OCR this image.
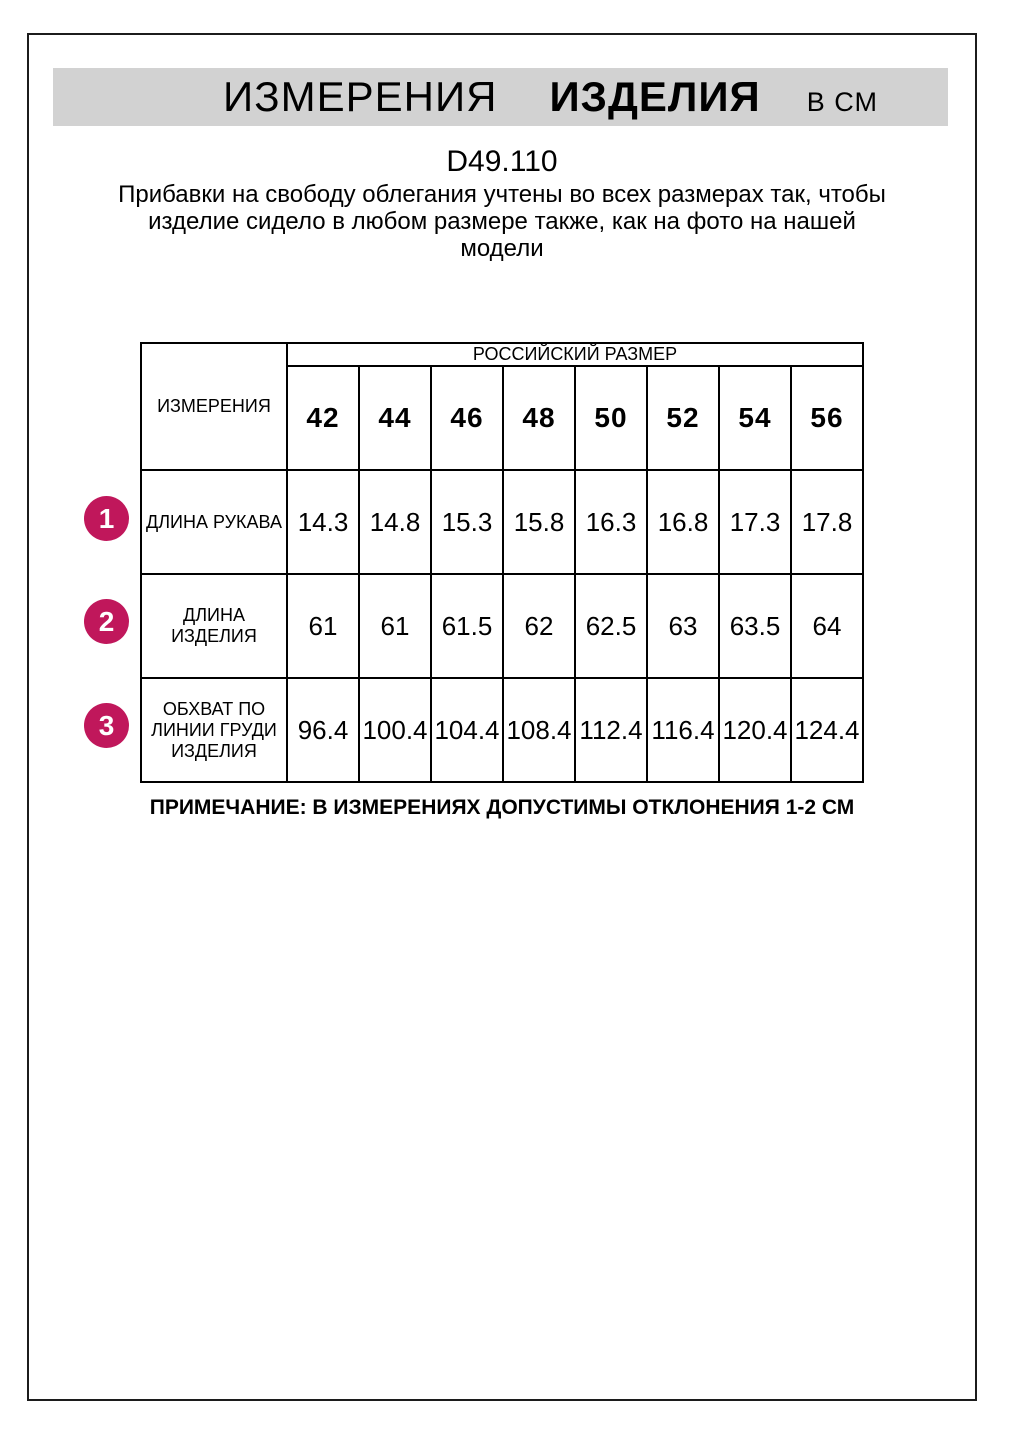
ИЗМЕРЕНИЯ ИЗДЕЛИЯ В СМ
D49.110
Прибавки на свободу облегания учтены во всех размерах так, чтобы
изделие сидело в любом размере также, как на фото на нашей
модели
ИЗМЕРЕНИЯ	РОССИЙСКИЙ РАЗМЕР							
	42	44	46	48	50	52	54	56
ДЛИНА РУКАВА	14.3	14.8	15.3	15.8	16.3	16.8	17.3	17.8
ДЛИНА ИЗДЕЛИЯ	61	61	61.5	62	62.5	63	63.5	64
ОБХВАТ ПО ЛИНИИ ГРУДИ ИЗДЕЛИЯ	96.4	100.4	104.4	108.4	112.4	116.4	120.4	124.4
1
2
3
ПРИМЕЧАНИЕ: В ИЗМЕРЕНИЯХ ДОПУСТИМЫ ОТКЛОНЕНИЯ 1-2 СМ
